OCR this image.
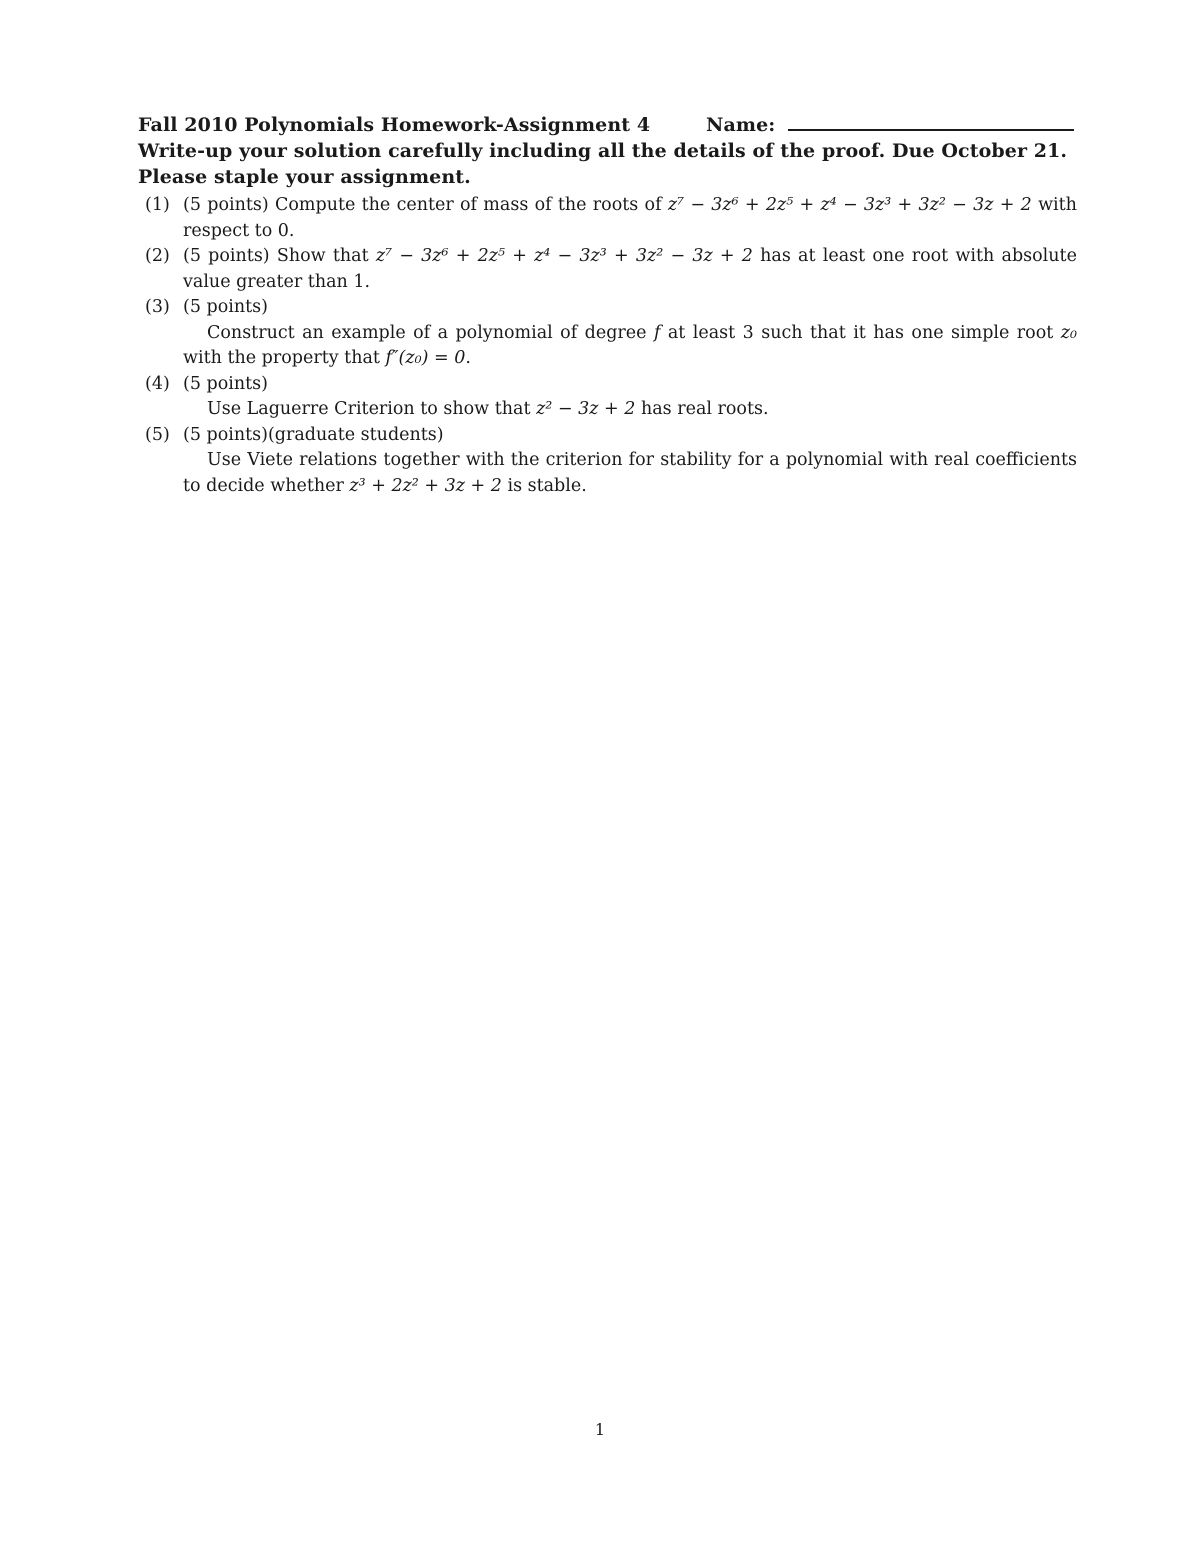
Fall 2010 Polynomials Homework-Assignment 4	Name:
Write-up your solution carefully including all the details of the proof. Due October 21.
Please staple your assignment.
(1) (5 points) Compute the center of mass of the roots of z⁷ − 3z⁶ + 2z⁵ + z⁴ − 3z³ + 3z² − 3z + 2 with respect to 0.
(2) (5 points) Show that z⁷ − 3z⁶ + 2z⁵ + z⁴ − 3z³ + 3z² − 3z + 2 has at least one root with absolute value greater than 1.
(3) (5 points)
Construct an example of a polynomial of degree f at least 3 such that it has one simple root z₀ with the property that f″(z₀) = 0.
(4) (5 points)
Use Laguerre Criterion to show that z² − 3z + 2 has real roots.
(5) (5 points)(graduate students)
Use Viete relations together with the criterion for stability for a polynomial with real coefficients to decide whether z³ + 2z² + 3z + 2 is stable.
1
